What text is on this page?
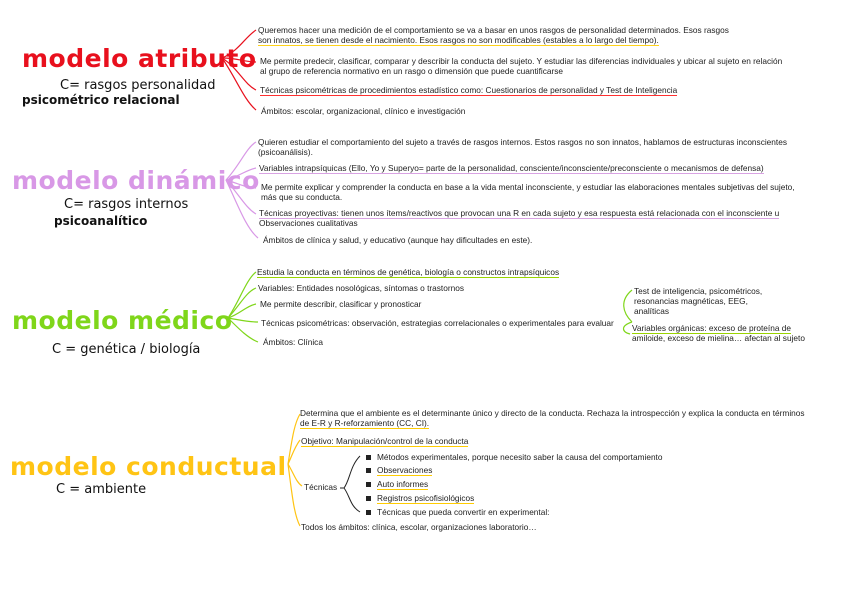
modelo atributo
C= rasgos personalidad
psicométrico relacional
Queremos hacer una medición de el comportamiento se va a basar en unos rasgos de personalidad determinados. Esos rasgos
son innatos, se tienen desde el nacimiento. Esos rasgos no son modificables (estables a lo largo del tiempo).
Me permite predecir, clasificar, comparar y describir la conducta del sujeto. Y estudiar las diferencias individuales y ubicar al sujeto en relación
al grupo de referencia normativo en un rasgo o dimensión que puede cuantificarse
Técnicas psicométricas de procedimientos estadístico como: Cuestionarios de personalidad y Test de Inteligencia
Ámbitos: escolar, organizacional, clínico e investigación
modelo dinámico
C= rasgos internos
psicoanalítico
Quieren estudiar el comportamiento del sujeto a través de rasgos internos. Estos rasgos no son innatos, hablamos de estructuras inconscientes
(psicoanálisis).
Variables intrapsíquicas (Ello, Yo y Superyo= parte de la personalidad, consciente/inconsciente/preconsciente o mecanismos de defensa)
Me permite explicar y comprender la conducta en base a la vida mental inconsciente, y estudiar las elaboraciones mentales subjetivas del sujeto,
más que su conducta.
Técnicas proyectivas: tienen unos ítems/reactivos que provocan una R en cada sujeto y esa respuesta está relacionada con el inconsciente u
Observaciones cualitativas
Ámbitos de clínica y salud, y educativo (aunque hay dificultades en este).
modelo médico
C = genética / biología
Estudia la conducta en términos de genética, biología o constructos intrapsíquicos
Variables: Entidades nosológicas, síntomas o trastornos
Me permite describir, clasificar y pronosticar
Técnicas psicométricas: observación, estrategias correlacionales o experimentales para evaluar
Ámbitos: Clínica
Test de inteligencia, psicométricos,
resonancias magnéticas, EEG,
analíticas
Variables orgánicas: exceso de proteína de
amiloide, exceso de mielina… afectan al sujeto
modelo conductual
C = ambiente
Determina que el ambiente es el determinante único y directo de la conducta. Rechaza la introspección y explica la conducta en términos
de E-R y R-reforzamiento (CC, CI).
Objetivo: Manipulación/control de la conducta
Técnicas
Métodos experimentales, porque necesito saber la causa del comportamiento
Observaciones
Auto informes
Registros psicofisiológicos
Técnicas que pueda convertir en experimental:
Todos los ámbitos: clínica, escolar, organizaciones laboratorio…
